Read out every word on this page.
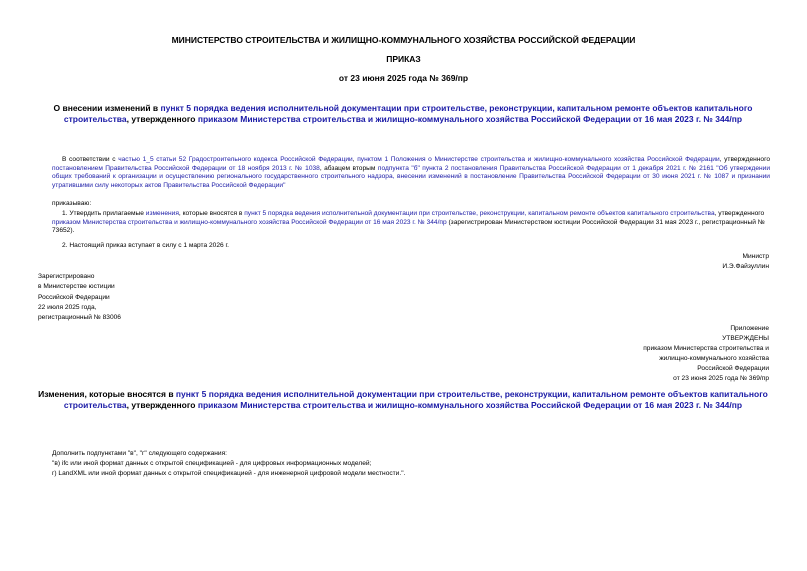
МИНИСТЕРСТВО СТРОИТЕЛЬСТВА И ЖИЛИЩНО-КОММУНАЛЬНОГО ХОЗЯЙСТВА РОССИЙСКОЙ ФЕДЕРАЦИИ
ПРИКАЗ
от 23 июня 2025 года № 369/пр
О внесении изменений в пункт 5 порядка ведения исполнительной документации при строительстве, реконструкции, капитальном ремонте объектов капитального строительства, утвержденного приказом Министерства строительства и жилищно-коммунального хозяйства Российской Федерации от 16 мая 2023 г. № 344/пр
В соответствии с частью 1_5 статьи 52 Градостроительного кодекса Российской Федерации, пунктом 1 Положения о Министерстве строительства и жилищно-коммунального хозяйства Российской Федерации, утвержденного постановлением Правительства Российской Федерации от 18 ноября 2013 г. № 1038, абзацем вторым подпункта "б" пункта 2 постановления Правительства Российской Федерации от 1 декабря 2021 г. № 2161 "Об утверждении общих требований к организации и осуществлению регионального государственного строительного надзора, внесении изменений в постановление Правительства Российской Федерации от 30 июня 2021 г. № 1087 и признании утратившими силу некоторых актов Правительства Российской Федерации"
приказываю:
1. Утвердить прилагаемые изменения, которые вносятся в пункт 5 порядка ведения исполнительной документации при строительстве, реконструкции, капитальном ремонте объектов капитального строительства, утвержденного приказом Министерства строительства и жилищно-коммунального хозяйства Российской Федерации от 16 мая 2023 г. № 344/пр (зарегистрирован Министерством юстиции Российской Федерации 31 мая 2023 г., регистрационный № 73652).
2. Настоящий приказ вступает в силу с 1 марта 2026 г.
Министр
И.Э.Файзуллин
Зарегистрировано
в Министерстве юстиции
Российской Федерации
22 июля 2025 года,
регистрационный № 83006
Приложение
УТВЕРЖДЕНЫ
приказом Министерства строительства и
жилищно-коммунального хозяйства
Российской Федерации
от 23 июня 2025 года № 369/пр
Изменения, которые вносятся в пункт 5 порядка ведения исполнительной документации при строительстве, реконструкции, капитальном ремонте объектов капитального строительства, утвержденного приказом Министерства строительства и жилищно-коммунального хозяйства Российской Федерации от 16 мая 2023 г. № 344/пр
Дополнить подпунктами "в", "г" следующего содержания:
"в) ifc или иной формат данных с открытой спецификацией - для цифровых информационных моделей;
г) LandXML или иной формат данных с открытой спецификацией - для инженерной цифровой модели местности.".
